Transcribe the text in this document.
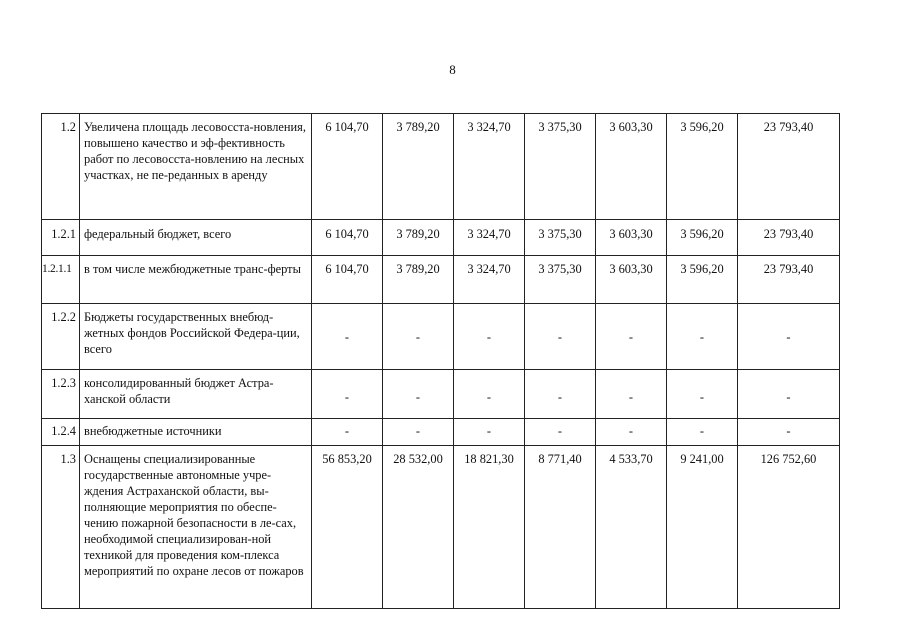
8
1.2	Увеличена площадь лесовосста-новления, повышено качество и эф-фективность работ по лесовосста-новлению на лесных участках, не пе-реданных в аренду	6 104,70	3 789,20	3 324,70	3 375,30	3 603,30	3 596,20	23 793,40
1.2.1	федеральный бюджет, всего	6 104,70	3 789,20	3 324,70	3 375,30	3 603,30	3 596,20	23 793,40
1.2.1.1	в том числе межбюджетные транс-ферты	6 104,70	3 789,20	3 324,70	3 375,30	3 603,30	3 596,20	23 793,40
1.2.2	Бюджеты государственных внебюд-жетных фондов Российской Федера-ции, всего	-	-	-	-	-	-	-
1.2.3	консолидированный бюджет Астра-ханской области	-	-	-	-	-	-	-
1.2.4	внебюджетные источники	-	-	-	-	-	-	-
1.3	Оснащены специализированные государственные автономные учре-ждения Астраханской области, вы-полняющие мероприятия по обеспе-чению пожарной безопасности в ле-сах, необходимой специализирован-ной техникой для проведения ком-плекса мероприятий по охране лесов от пожаров	56 853,20	28 532,00	18 821,30	8 771,40	4 533,70	9 241,00	126 752,60
